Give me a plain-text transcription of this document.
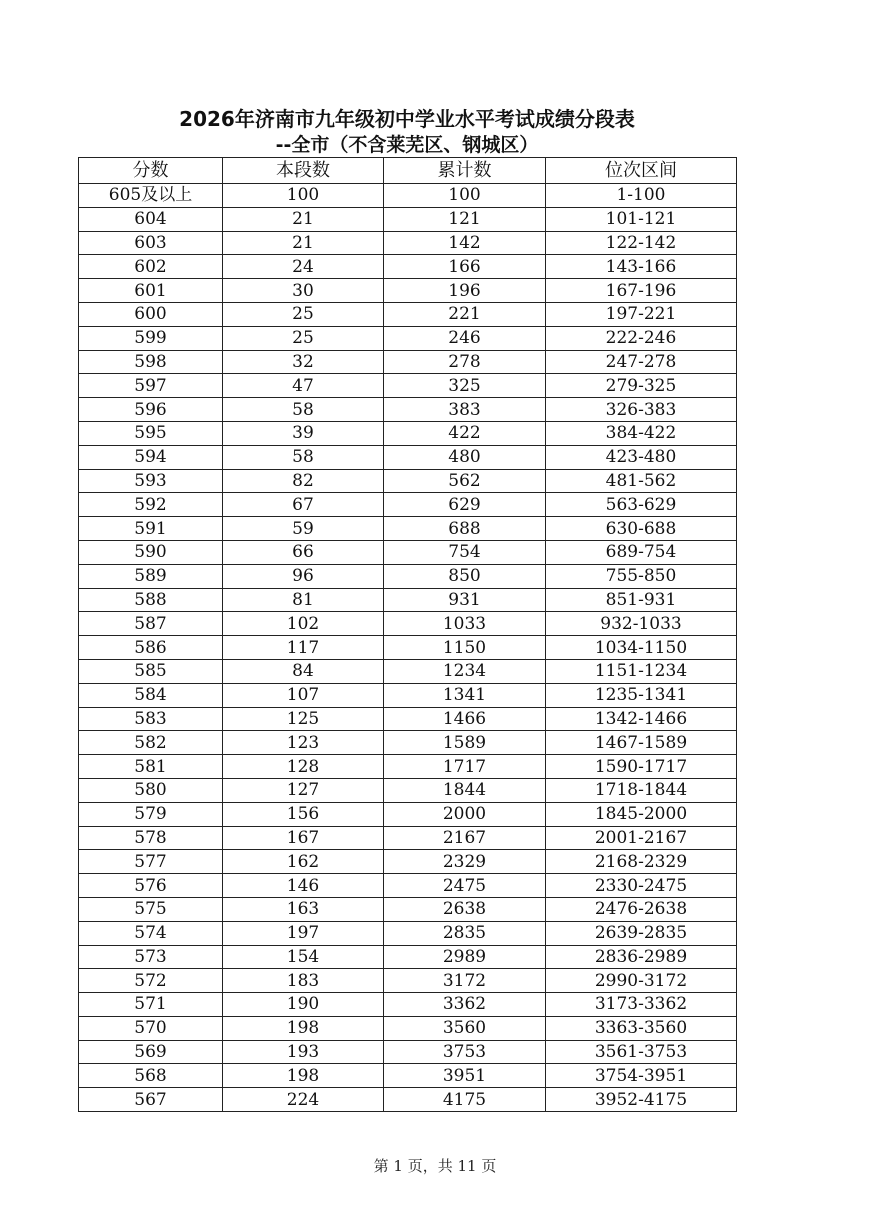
2026年济南市九年级初中学业水平考试成绩分段表
--全市（不含莱芜区、钢城区）
分数	本段数	累计数	位次区间
605及以上	100	100	1-100
604	21	121	101-121
603	21	142	122-142
602	24	166	143-166
601	30	196	167-196
600	25	221	197-221
599	25	246	222-246
598	32	278	247-278
597	47	325	279-325
596	58	383	326-383
595	39	422	384-422
594	58	480	423-480
593	82	562	481-562
592	67	629	563-629
591	59	688	630-688
590	66	754	689-754
589	96	850	755-850
588	81	931	851-931
587	102	1033	932-1033
586	117	1150	1034-1150
585	84	1234	1151-1234
584	107	1341	1235-1341
583	125	1466	1342-1466
582	123	1589	1467-1589
581	128	1717	1590-1717
580	127	1844	1718-1844
579	156	2000	1845-2000
578	167	2167	2001-2167
577	162	2329	2168-2329
576	146	2475	2330-2475
575	163	2638	2476-2638
574	197	2835	2639-2835
573	154	2989	2836-2989
572	183	3172	2990-3172
571	190	3362	3173-3362
570	198	3560	3363-3560
569	193	3753	3561-3753
568	198	3951	3754-3951
567	224	4175	3952-4175
第 1 页，共 11 页
